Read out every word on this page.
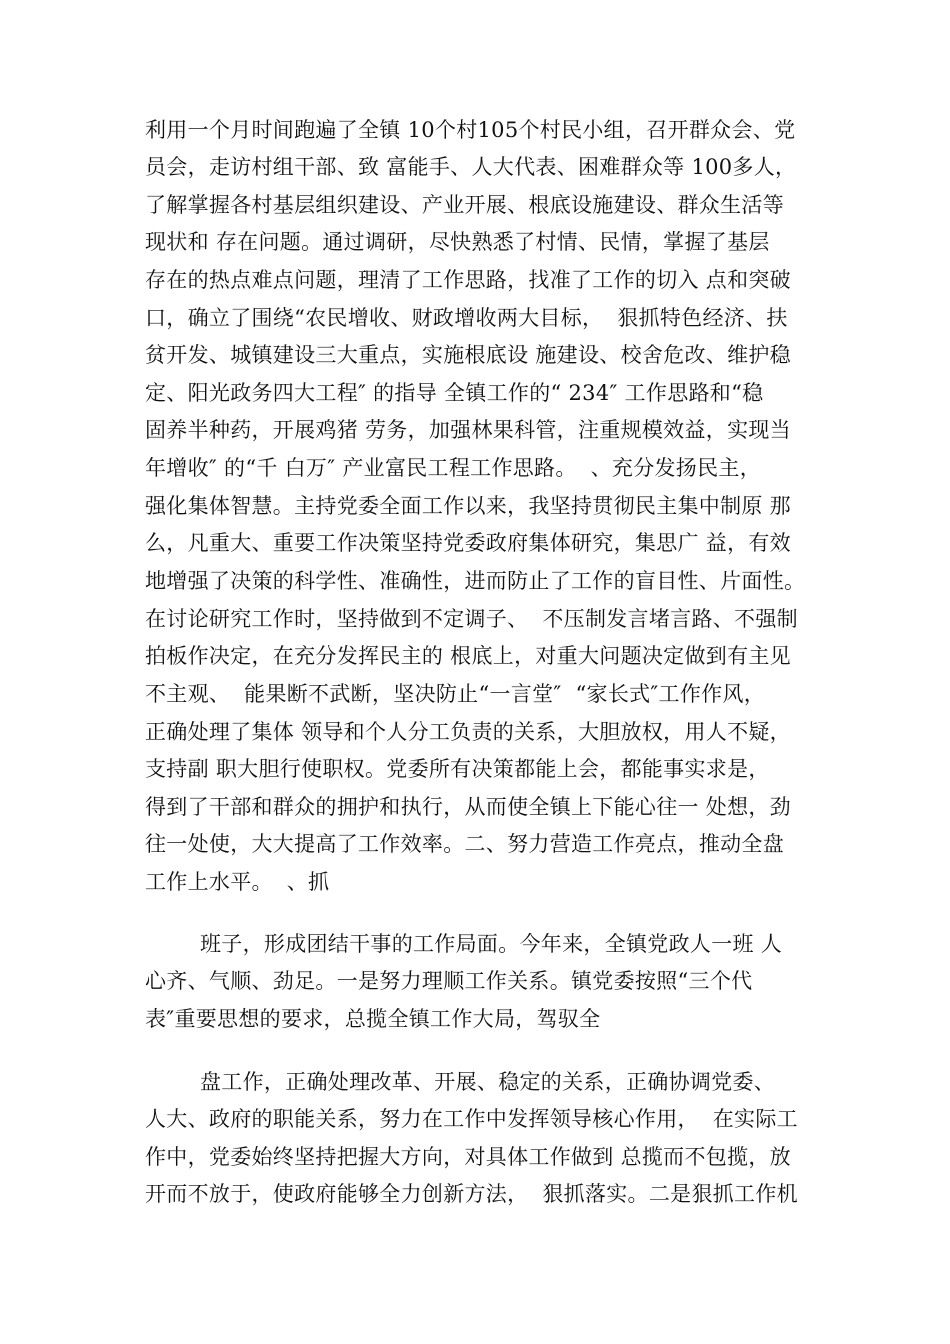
利用一个月时间跑遍了全镇 10个村105个村民小组，召开群众会、党
员会，走访村组干部、致 富能手、人大代表、困难群众等 100多人，
了解掌握各村基层组织建设、产业开展、根底设施建设、群众生活等
现状和 存在问题。通过调研，尽快熟悉了村情、民情，掌握了基层
存在的热点难点问题，理清了工作思路，找准了工作的切入 点和突破
口，确立了围绕“农民增收、财政增收两大目标，  狠抓特色经济、扶
贫开发、城镇建设三大重点，实施根底设 施建设、校舍危改、维护稳
定、阳光政务四大工程″ 的指导 全镇工作的“ 234″ 工作思路和“稳
固养半种药，开展鸡猪 劳务，加强林果科管，注重规模效益，实现当
年增收″ 的“千 白万″ 产业富民工程工作思路。  、充分发扬民主，
强化集体智慧。主持党委全面工作以来，我坚持贯彻民主集中制原 那
么，凡重大、重要工作决策坚持党委政府集体研究，集思广 益，有效
地增强了决策的科学性、准确性，进而防止了工作的盲目性、片面性。
在讨论研究工作时，坚持做到不定调子、  不压制发言堵言路、不强制
拍板作决定，在充分发挥民主的 根底上，对重大问题决定做到有主见
不主观、  能果断不武断，坚决防止“一言堂″  “家长式″工作作风，
正确处理了集体 领导和个人分工负责的关系，大胆放权，用人不疑，
支持副 职大胆行使职权。党委所有决策都能上会，都能事实求是，
得到了干部和群众的拥护和执行，从而使全镇上下能心往一 处想，劲
往一处使，大大提高了工作效率。二、努力营造工作亮点，推动全盘
工作上水平。  、抓
班子，形成团结干事的工作局面。今年来，全镇党政人一班 人
心齐、气顺、劲足。一是努力理顺工作关系。镇党委按照“三个代
表″重要思想的要求，总揽全镇工作大局，驾驭全
盘工作，正确处理改革、开展、稳定的关系，正确协调党委、
人大、政府的职能关系，努力在工作中发挥领导核心作用，  在实际工
作中，党委始终坚持把握大方向，对具体工作做到 总揽而不包揽，放
开而不放于，使政府能够全力创新方法，  狠抓落实。二是狠抓工作机
